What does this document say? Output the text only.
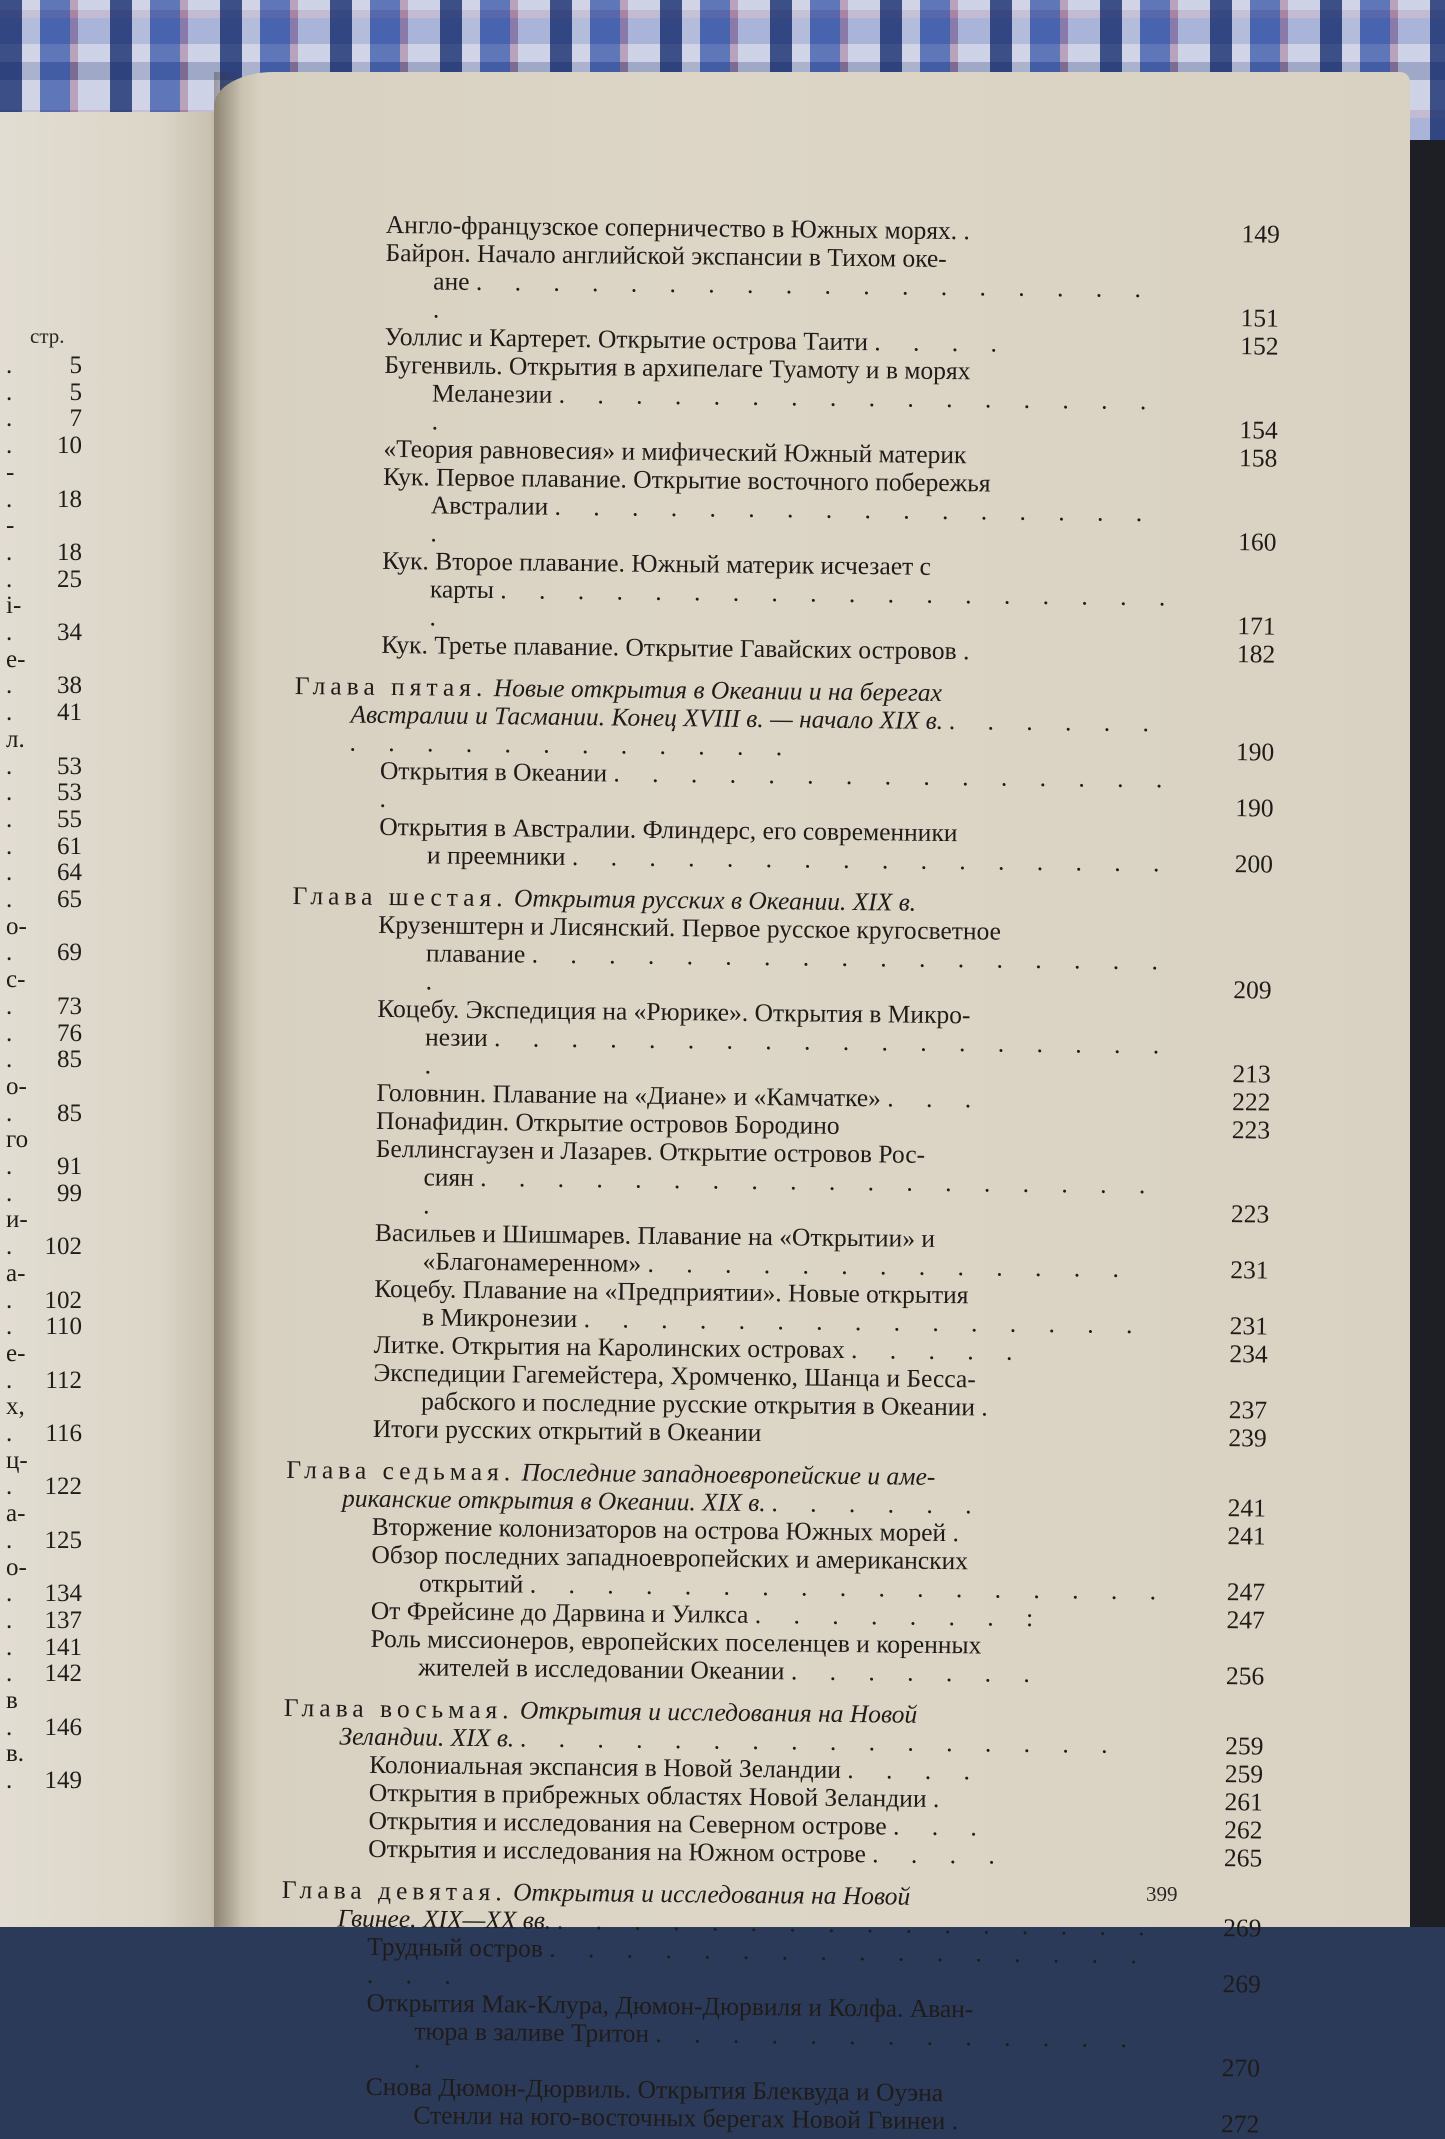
стр.
.	5
.	5
.	7
.	10
-
.	18
-
.	18
.	25
і-
.	34
е-
.	38
.	41
л.
.	53
.	53
.	55
.	61
.	64
.	65
о-
.	69
с-
.	73
.	76
.	85
о-
.	85
го
.	91
.	99
и-
.	102
а-
.	102
.	110
е-
.	112
х,
.	116
ц-
.	122
а-
.	125
о-
.	134
.	137
.	141
.	142
в
.	146
в.
.	149
Англо-французское соперничество в Южных морях. .	149
Байрон. Начало английской экспансии в Тихом оке-
ане . . . . . . . . . . . . . . . . . . .	151
Уоллис и Картерет. Открытие острова Таити . . . .	152
Бугенвиль. Открытия в архипелаге Туамоту и в морях
Меланезии . . . . . . . . . . . . . . . . .	154
«Теория равновесия» и мифический Южный материк	158
Кук. Первое плавание. Открытие восточного побережья
Австралии . . . . . . . . . . . . . . . . .	160
Кук. Второе плавание. Южный материк исчезает с
карты . . . . . . . . . . . . . . . . . . .	171
Кук. Третье плавание. Открытие Гавайских островов .	182
Глава пятая. Новые открытия в Океании и на берегах
Австралии и Тасмании. Конец XVIII в. — начало XIX в. . . . . . . . . . . . . . . . . . .	190
Открытия в Океании . . . . . . . . . . . . . . . .	190
Открытия в Австралии. Флиндерс, его современники
и преемники . . . . . . . . . . . . . . . .	200
Глава шестая. Открытия русских в Океании. XIX в.
Крузенштерн и Лисянский. Первое русское кругосветное
плавание . . . . . . . . . . . . . . . . . .	209
Коцебу. Экспедиция на «Рюрике». Открытия в Микро-
незии . . . . . . . . . . . . . . . . . . .	213
Головнин. Плавание на «Диане» и «Камчатке» . . .	222
Понафидин. Открытие островов Бородино	223
Беллинсгаузен и Лазарев. Открытие островов Рос-
сиян . . . . . . . . . . . . . . . . . . .	223
Васильев и Шишмарев. Плавание на «Открытии» и
«Благонамеренном» . . . . . . . . . . . . .	231
Коцебу. Плавание на «Предприятии». Новые открытия
в Микронезии . . . . . . . . . . . . . . .	231
Литке. Открытия на Каролинских островах . . . . .	234
Экспедиции Гагемейстера, Хромченко, Шанца и Бесса-
рабского и последние русские открытия в Океании .	237
Итоги русских открытий в Океании	239
Глава седьмая. Последние западноевропейские и аме-
риканские открытия в Океании. XIX в. . . . . . .	241
Вторжение колонизаторов на острова Южных морей .	241
Обзор последних западноевропейских и американских
открытий . . . . . . . . . . . . . . . . .	247
От Фрейсине до Дарвина и Уилкса . . . . . . . :	247
Роль миссионеров, европейских поселенцев и коренных
жителей в исследовании Океании . . . . . . .	256
Глава восьмая. Открытия и исследования на Новой
Зеландии. XIX в. . . . . . . . . . . . . . . . .	259
Колониальная экспансия в Новой Зеландии . . . .	259
Открытия в прибрежных областях Новой Зеландии .	261
Открытия и исследования на Северном острове . . .	262
Открытия и исследования на Южном острове . . . .	265
Глава девятая. Открытия и исследования на Новой
Гвинее. XIX—XX вв. . . . . . . . . . . . . . . . .	269
Трудный остров . . . . . . . . . . . . . . . . . . .	269
Открытия Мак-Клура, Дюмон-Дюрвиля и Колфа. Аван-
тюра в заливе Тритон . . . . . . . . . . . . . .	270
Снова Дюмон-Дюрвиль. Открытия Блеквуда и Оуэна
Стенли на юго-восточных берегах Новой Гвинеи .	272
399
